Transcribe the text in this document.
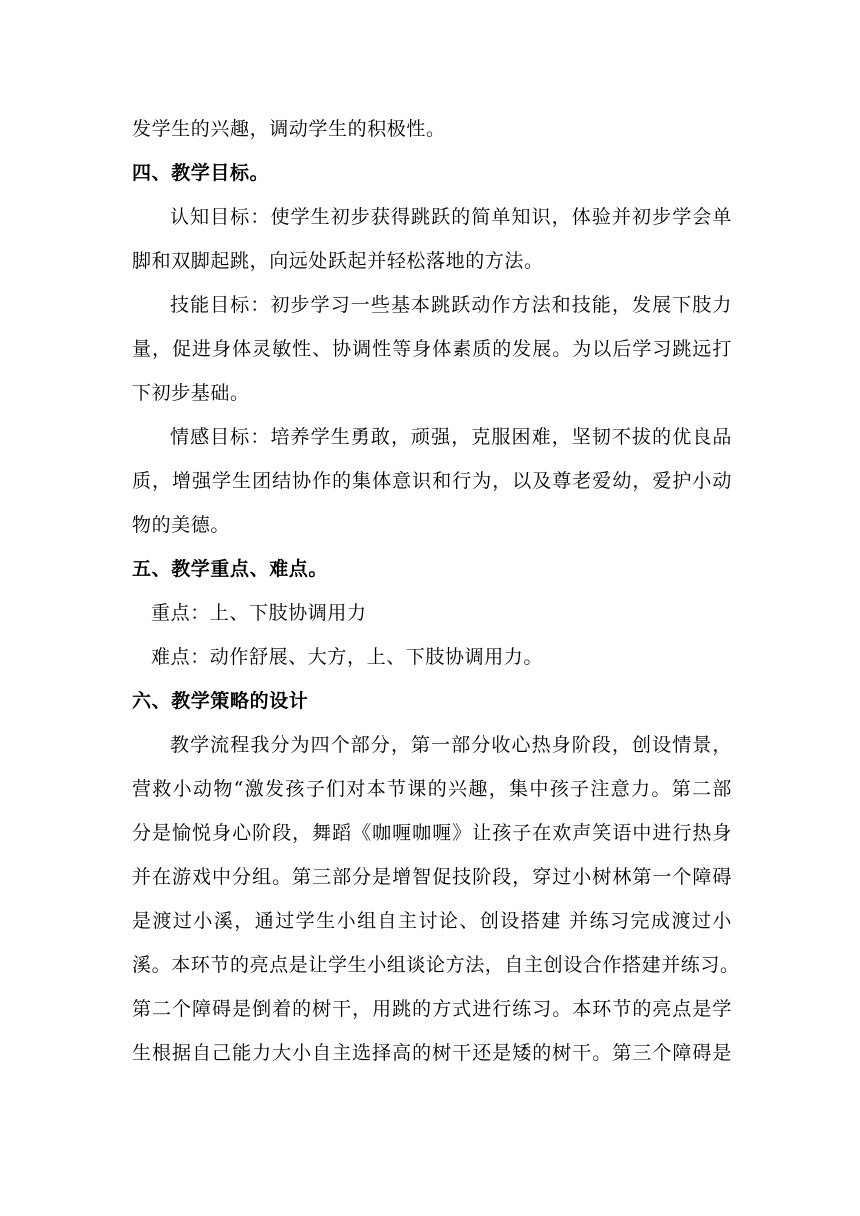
发学生的兴趣，调动学生的积极性。
四、教学目标。
认知目标：使学生初步获得跳跃的简单知识，体验并初步学会单
脚和双脚起跳，向远处跃起并轻松落地的方法。
技能目标：初步学习一些基本跳跃动作方法和技能，发展下肢力
量，促进身体灵敏性、协调性等身体素质的发展。为以后学习跳远打
下初步基础。
情感目标：培养学生勇敢，顽强，克服困难，坚韧不拔的优良品
质，增强学生团结协作的集体意识和行为，以及尊老爱幼，爱护小动
物的美德。
五、教学重点、难点。
重点：上、下肢协调用力
难点：动作舒展、大方，上、下肢协调用力。
六、教学策略的设计
教学流程我分为四个部分，第一部分收心热身阶段，创设情景，
营救小动物“激发孩子们对本节课的兴趣，集中孩子注意力。第二部
分是愉悦身心阶段，舞蹈《咖喱咖喱》让孩子在欢声笑语中进行热身
并在游戏中分组。第三部分是增智促技阶段，穿过小树林第一个障碍
是渡过小溪，通过学生小组自主讨论、创设搭建 并练习完成渡过小
溪。本环节的亮点是让学生小组谈论方法，自主创设合作搭建并练习。
第二个障碍是倒着的树干，用跳的方式进行练习。本环节的亮点是学
生根据自己能力大小自主选择高的树干还是矮的树干。第三个障碍是
